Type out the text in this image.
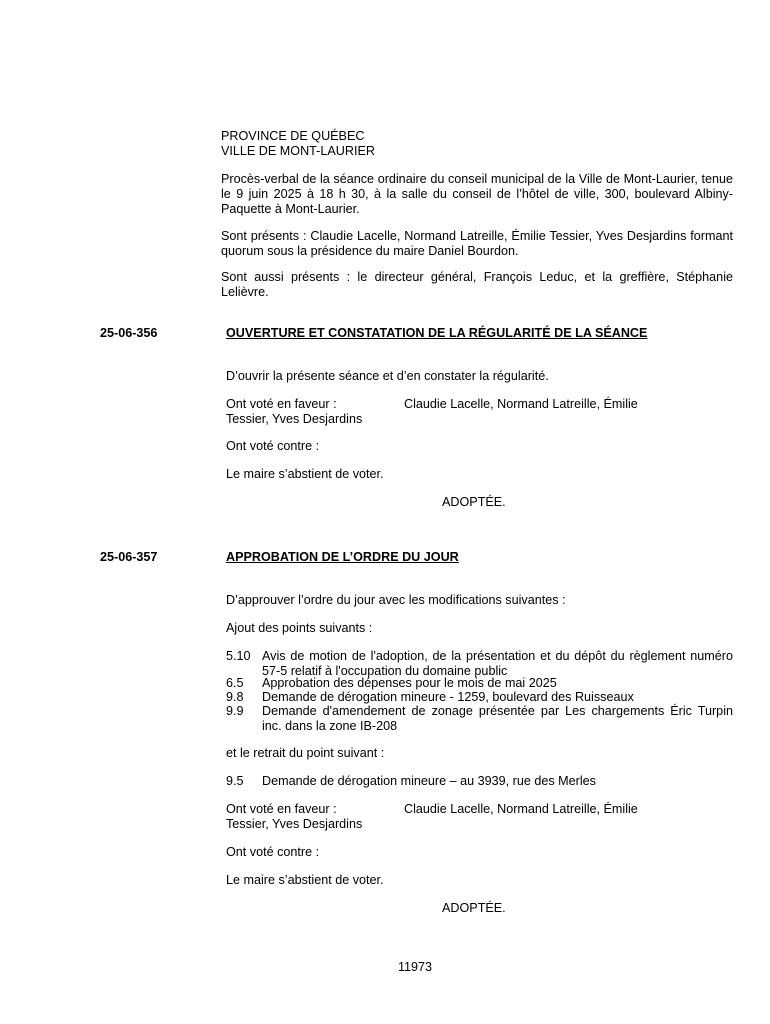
PROVINCE DE QUÉBEC
VILLE DE MONT-LAURIER
Procès-verbal de la séance ordinaire du conseil municipal de la Ville de Mont-Laurier, tenue le 9 juin 2025 à 18 h 30, à la salle du conseil de l’hôtel de ville, 300, boulevard Albiny-Paquette à Mont-Laurier.
Sont présents : Claudie Lacelle, Normand Latreille, Émilie Tessier, Yves Desjardins formant quorum sous la présidence du maire Daniel Bourdon.
Sont aussi présents : le directeur général, François Leduc, et la greffière, Stéphanie Lelièvre.
25-06-356	OUVERTURE ET CONSTATATION DE LA RÉGULARITÉ DE LA SÉANCE
D’ouvrir la présente séance et d’en constater la régularité.
Ont voté en faveur :	Claudie Lacelle, Normand Latreille, Émilie
Tessier, Yves Desjardins
Ont voté contre :
Le maire s’abstient de voter.
ADOPTÉE.
25-06-357	APPROBATION DE L’ORDRE DU JOUR
D’approuver l’ordre du jour avec les modifications suivantes :
Ajout des points suivants :
5.10 Avis de motion de l'adoption, de la présentation et du dépôt du règlement numéro 57-5 relatif à l'occupation du domaine public
6.5	Approbation des dépenses pour le mois de mai 2025
9.8	Demande de dérogation mineure - 1259, boulevard des Ruisseaux
9.9	Demande d'amendement de zonage présentée par Les chargements Éric Turpin inc. dans la zone IB-208
et le retrait du point suivant :
9.5	Demande de dérogation mineure – au 3939, rue des Merles
Ont voté en faveur :	Claudie Lacelle, Normand Latreille, Émilie
Tessier, Yves Desjardins
Ont voté contre :
Le maire s’abstient de voter.
ADOPTÉE.
11973
